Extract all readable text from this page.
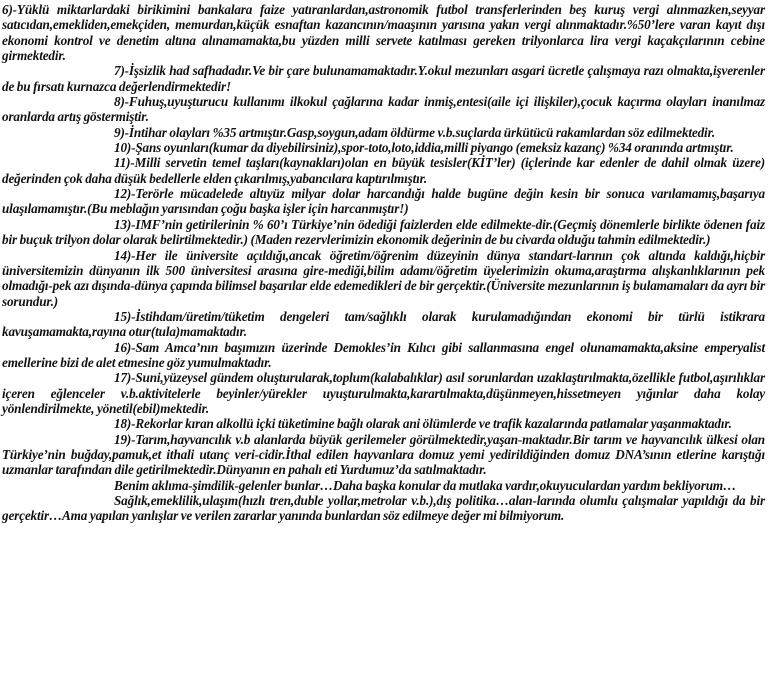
6)-Yüklü miktarlardaki birikimini bankalara faize yatıranlardan,astronomik futbol transferlerinden beş kuruş vergi alınmazken,seyyar satıcıdan,emekliden,emekçiden, memurdan,küçük esnaftan kazancının/maaşının yarısına yakın vergi alınmaktadır.%50’lere varan kayıt dışı ekonomi kontrol ve denetim altına alınamamakta,bu yüzden milli servete katılması gereken trilyonlarca lira vergi kaçakçılarının cebine girmektedir.

7)-İşsizlik had safhadadır.Ve bir çare bulunamamaktadır.Y.okul mezunları asgari ücretle çalışmaya razı olmakta,işverenler de bu fırsatı kurnazca değerlendirmektedir!

8)-Fuhuş,uyuşturucu kullanımı ilkokul çağlarına kadar inmiş,entesi(aile içi ilişkiler),çocuk kaçırma olayları inanılmaz oranlarda artış göstermiştir.

9)-İntihar olayları %35 artmıştır.Gasp,soygun,adam öldürme v.b.suçlarda ürkütücü rakamlardan söz edilmektedir.

10)-Şans oyunları(kumar da diyebilirsiniz),spor-toto,loto,iddia,milli piyango (emeksiz kazanç) %34 oranında artmıştır.

11)-Milli servetin temel taşları(kaynakları)olan en büyük tesisler(KİT’ler) (içlerinde kar edenler de dahil olmak üzere) değerinden çok daha düşük bedellerle elden çıkarılmış,yabancılara kaptırılmıştır.

12)-Terörle mücadelede altıyüz milyar dolar harcandığı halde bugüne değin kesin bir sonuca varılamamış,başarıya ulaşılamamıştır.(Bu meblağın yarısından çoğu başka işler için harcanmıştır!)

13)-IMF’nin getirilerinin % 60’ı Türkiye’nin ödediği faizlerden elde edilmekte-dir.(Geçmiş dönemlerle birlikte ödenen faiz bir buçuk trilyon dolar olarak belirtilmektedir.) (Maden rezervlerimizin ekonomik değerinin de bu civarda olduğu tahmin edilmektedir.)

14)-Her ile üniversite açıldığı,ancak öğretim/öğrenim düzeyinin dünya standart-larının çok altında kaldığı,hiçbir üniversitemizin dünyanın ilk 500 üniversitesi arasına gire-mediği,bilim adamı/öğretim üyelerimizin okuma,araştırma alışkanlıklarının pek olmadığı-pek azı dışında-dünya çapında bilimsel başarılar elde edemedikleri de bir gerçektir.(Üniversite mezunlarının iş bulamamaları da ayrı bir sorundur.)

15)-İstihdam/üretim/tüketim dengeleri tam/sağlıklı olarak kurulamadığından ekonomi bir türlü istikrara kavuşamamakta,rayına otur(tula)mamaktadır.

16)-Sam Amca’nın başımızın üzerinde Demokles’in Kılıcı gibi sallanmasına engel olunamamakta,aksine emperyalist emellerine bizi de alet etmesine göz yumulmaktadır.

17)-Suni,yüzeysel gündem oluşturularak,toplum(kalabalıklar) asıl sorunlardan uzaklaştırılmakta,özellikle futbol,aşırılıklar içeren eğlenceler v.b.aktivitelerle beyinler/yürekler uyuşturulmakta,karartılmakta,düşünmeyen,hissetmeyen yığınlar daha kolay yönlendirilmekte, yönetil(ebil)mektedir.

18)-Rekorlar kıran alkollü içki tüketimine bağlı olarak ani ölümlerde ve trafik kazalarında patlamalar yaşanmaktadır.

19)-Tarım,hayvancılık v.b alanlarda büyük gerilemeler görülmektedir,yaşan-maktadır.Bir tarım ve hayvancılık ülkesi olan Türkiye’nin buğday,pamuk,et ithali utanç veri-cidir.İthal edilen hayvanlara domuz yemi yedirildiğinden domuz DNA’sının etlerine karıştığı uzmanlar tarafından dile getirilmektedir.Dünyanın en pahalı eti Yurdumuz’da satılmaktadır.

Benim aklıma-şimdilik-gelenler bunlar…Daha başka konular da mutlaka vardır,okuyuculardan yardım bekliyorum…

Sağlık,emeklilik,ulaşım(hızlı tren,duble yollar,metrolar v.b.),dış politika…alan-larında olumlu çalışmalar yapıldığı da bir gerçektir…Ama yapılan yanlışlar ve verilen zararlar yanında bunlardan söz edilmeye değer mi bilmiyorum.
